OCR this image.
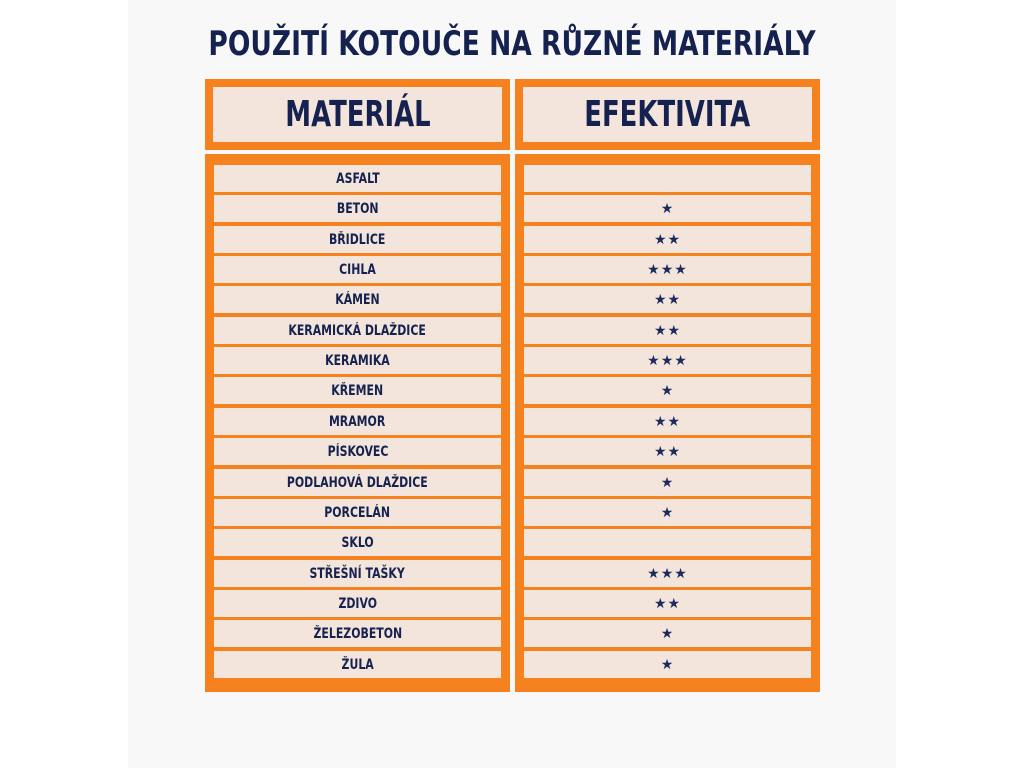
POUŽITÍ KOTOUČE NA RŮZNÉ MATERIÁLY
MATERIÁL	EFEKTIVITA
ASFALT
BETON	★
BŘIDLICE	★★
CIHLA	★★★
KÁMEN	★★
KERAMICKÁ DLAŽDICE	★★
KERAMIKA	★★★
KŘEMEN	★
MRAMOR	★★
PÍSKOVEC	★★
PODLAHOVÁ DLAŽDICE	★
PORCELÁN	★
SKLO
STŘEŠNÍ TAŠKY	★★★
ZDIVO	★★
ŽELEZOBETON	★
ŽULA	★
